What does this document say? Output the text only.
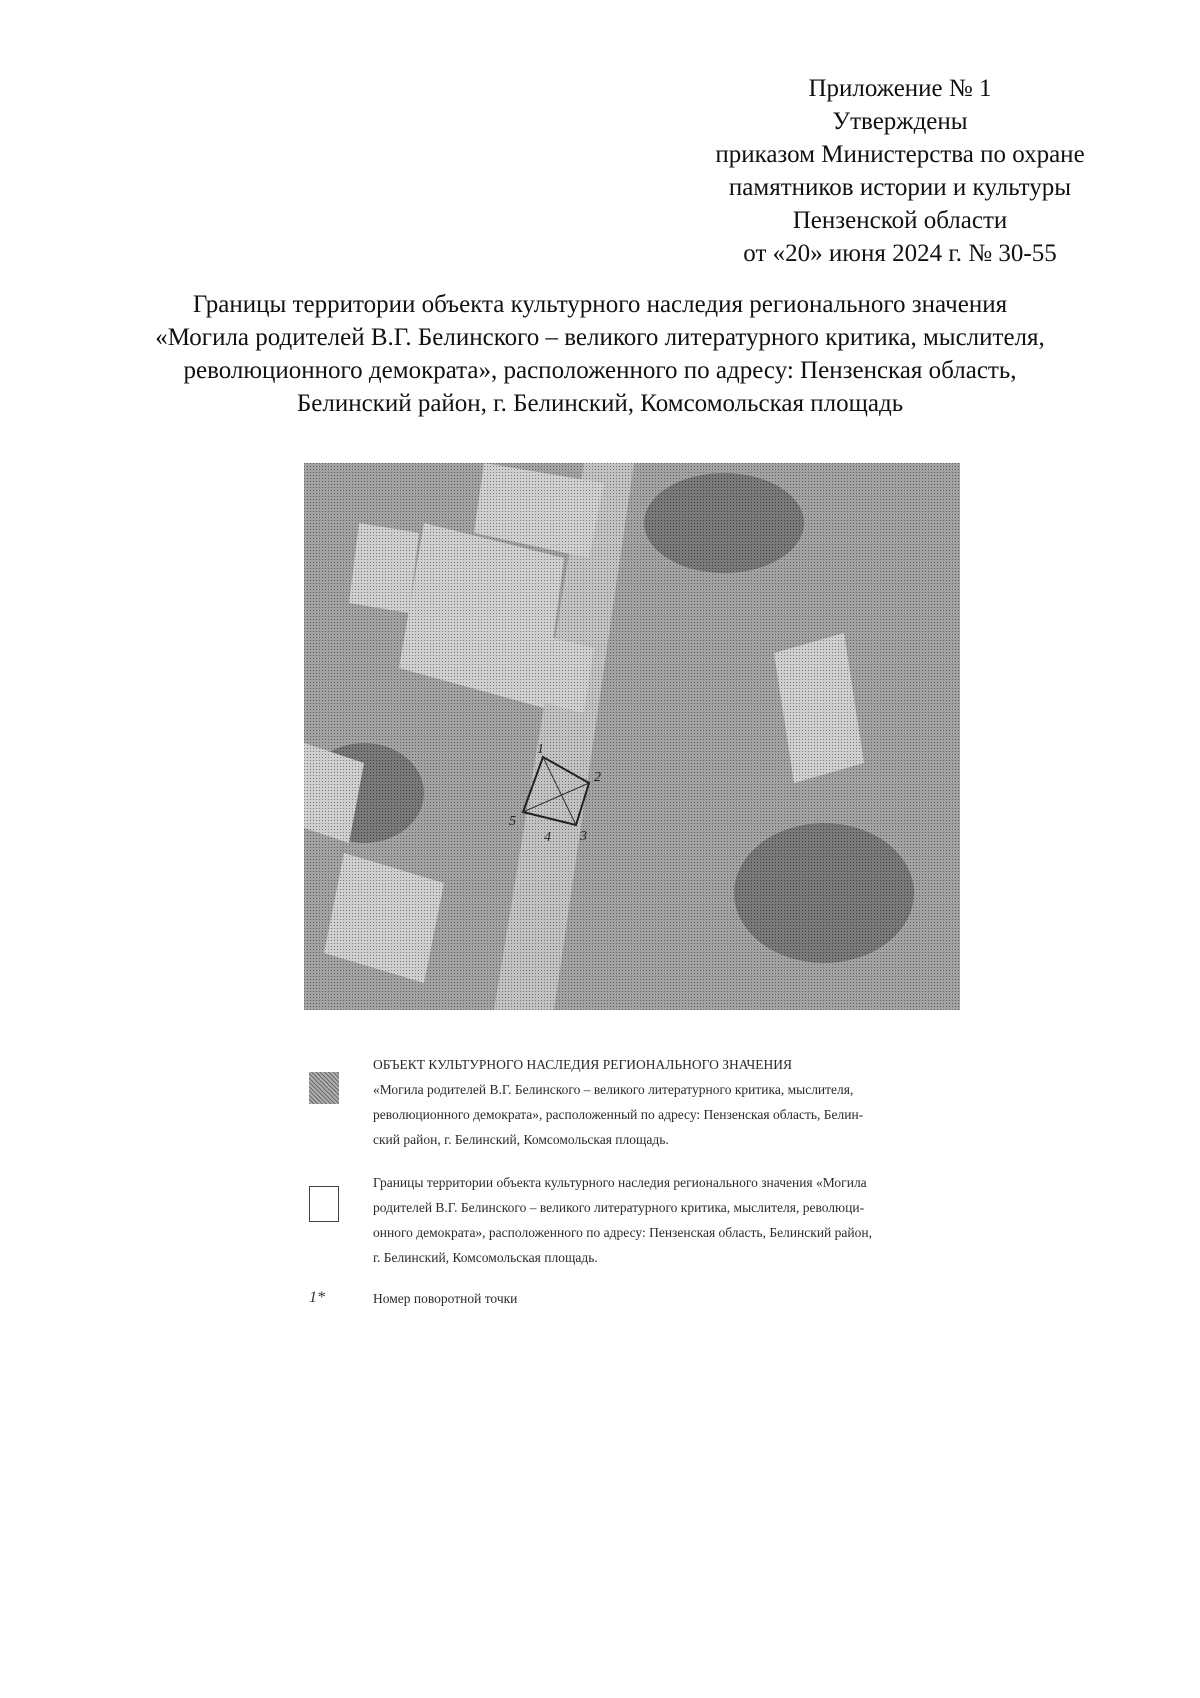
Приложение № 1
Утверждены
приказом Министерства по охране
памятников истории и культуры
Пензенской области
от «20» июня 2024 г. № 30-55
Границы территории объекта культурного наследия регионального значения
«Могила родителей В.Г. Белинского – великого литературного критика, мыслителя,
революционного демократа», расположенного по адресу: Пензенская область,
Белинский район, г. Белинский, Комсомольская площадь
1
2
3
4
5
ОБЪЕКТ КУЛЬТУРНОГО НАСЛЕДИЯ РЕГИОНАЛЬНОГО ЗНАЧЕНИЯ
«Могила родителей В.Г. Белинского – великого литературного критика, мыслителя,
революционного демократа», расположенный по адресу: Пензенская область, Белин-
ский район, г. Белинский, Комсомольская площадь.
Границы территории объекта культурного наследия регионального значения «Могила
родителей В.Г. Белинского – великого литературного критика, мыслителя, революци-
онного демократа», расположенного по адресу: Пензенская область, Белинский район,
г. Белинский, Комсомольская площадь.
1*	Номер поворотной точки
